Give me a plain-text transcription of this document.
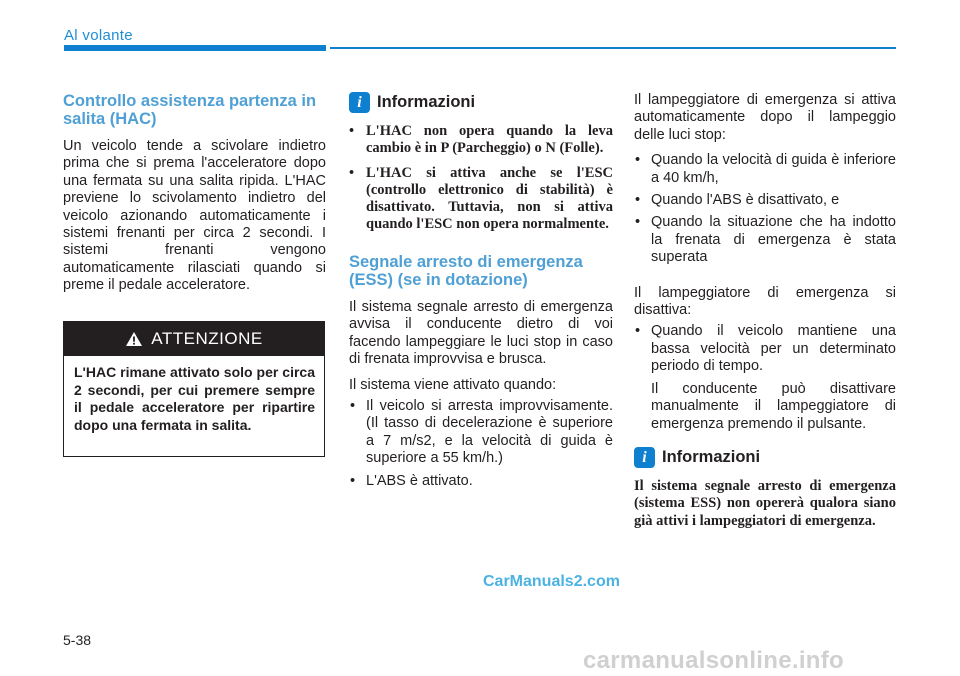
Al volante
Controllo assistenza partenza in salita (HAC)

Un veicolo tende a scivolare indietro prima che si prema l'acceleratore dopo una fermata su una salita ripida. L'HAC previene lo scivolamento indietro del veicolo azionando automaticamente i sistemi frenanti per circa 2 secondi. I sistemi frenanti vengono automaticamente rilasciati quando si preme il pedale acceleratore.

ATTENZIONE
L'HAC rimane attivato solo per circa 2 secondi, per cui premere sempre il pedale acceleratore per ripartire dopo una fermata in salita.
i Informazioni
• L'HAC non opera quando la leva cambio è in P (Parcheggio) o N (Folle).
• L'HAC si attiva anche se l'ESC (controllo elettronico di stabilità) è disattivato. Tuttavia, non si attiva quando l'ESC non opera normalmente.
Segnale arresto di emergenza (ESS) (se in dotazione)

Il sistema segnale arresto di emergenza avvisa il conducente dietro di voi facendo lampeggiare le luci stop in caso di frenata improvvisa e brusca.

Il sistema viene attivato quando:

• Il veicolo si arresta improvvisamente. (Il tasso di decelerazione è superiore a 7 m/s2, e la velocità di guida è superiore a 55 km/h.)
• L'ABS è attivato.

Il lampeggiatore di emergenza si attiva automaticamente dopo il lampeggio delle luci stop:

• Quando la velocità di guida è inferiore a 40 km/h,
• Quando l'ABS è disattivato, e
• Quando la situazione che ha indotto la frenata di emergenza è stata superata

Il lampeggiatore di emergenza si disattiva:

• Quando il veicolo mantiene una bassa velocità per un determinato periodo di tempo.

Il conducente può disattivare manualmente il lampeggiatore di emergenza premendo il pulsante.

i Informazioni

Il sistema segnale arresto di emergenza (sistema ESS) non opererà qualora siano già attivi i lampeggiatori di emergenza.

CarManuals2.com
5-38
carmanualsonline.info
